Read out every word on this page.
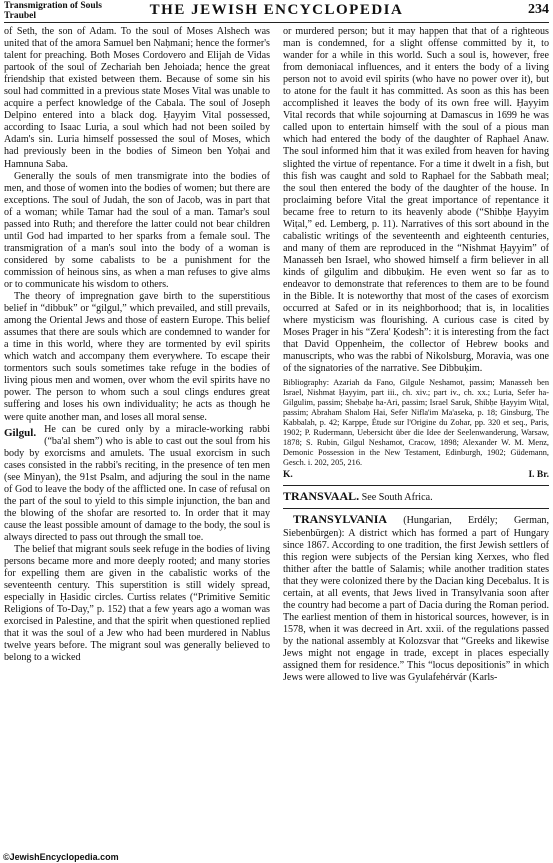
Transmigration of Souls
Traubel	THE JEWISH ENCYCLOPEDIA	234

of Seth, the son of Adam. To the soul of Moses Alshech was united that of the amora Samuel ben Naḥmani; hence the former's talent for preaching. Both Moses Cordovero and Elijah de Vidas partook of the soul of Zechariah ben Jehoiada; hence the great friendship that existed between them. Because of some sin his soul had committed in a previous state Moses Vital was unable to acquire a perfect knowledge of the Cabala. The soul of Joseph Delpino entered into a black dog. Ḥayyim Vital possessed, according to Isaac Luria, a soul which had not been soiled by Adam's sin. Luria himself possessed the soul of Moses, which had previously been in the bodies of Simeon ben Yoḥai and Hamnuna Saba.

Generally the souls of men transmigrate into the bodies of men, and those of women into the bodies of women; but there are exceptions. The soul of Judah, the son of Jacob, was in part that of a woman; while Tamar had the soul of a man. Tamar's soul passed into Ruth; and therefore the latter could not bear children until God had imparted to her sparks from a female soul. The transmigration of a man's soul into the body of a woman is considered by some cabalists to be a punishment for the commission of heinous sins, as when a man refuses to give alms or to communicate his wisdom to others.

The theory of impregnation gave birth to the superstitious belief in “dibbuk” or “gilgul,” which prevailed, and still prevails, among the Oriental Jews and those of eastern Europe. This belief assumes that there are souls which are condemned to wander for a time in this world, where they are tormented by evil spirits which watch and accompany them everywhere. To escape their tormentors such souls sometimes take refuge in the bodies of living pious men and women, over whom the evil spirits have no power. The person to whom such a soul clings endures great suffering and loses his own individuality; he acts as though he were quite another man, and loses all moral sense.

Gilgul. He can be cured only by a miracle-working rabbi (“ba'al shem”) who is able to cast out the soul from his body by exorcisms and amulets. The usual exorcism in such cases consisted in the rabbi's reciting, in the presence of ten men (see Minyan), the 91st Psalm, and adjuring the soul in the name of God to leave the body of the afflicted one. In case of refusal on the part of the soul to yield to this simple injunction, the ban and the blowing of the shofar are resorted to. In order that it may cause the least possible amount of damage to the body, the soul is always directed to pass out through the small toe.

The belief that migrant souls seek refuge in the bodies of living persons became more and more deeply rooted; and many stories for expelling them are given in the cabalistic works of the seventeenth century. This superstition is still widely spread, especially in Ḥasidic circles. Curtiss relates (“Primitive Semitic Religions of To-Day,” p. 152) that a few years ago a woman was exorcised in Palestine, and that the spirit when questioned replied that it was the soul of a Jew who had been murdered in Nablus twelve years before. The migrant soul was generally believed to belong to a wicked

or murdered person; but it may happen that that of a righteous man is condemned, for a slight offense committed by it, to wander for a while in this world. Such a soul is, however, free from demoniacal influences, and it enters the body of a living person not to avoid evil spirits (who have no power over it), but to atone for the fault it has committed. As soon as this has been accomplished it leaves the body of its own free will. Ḥayyim Vital records that while sojourning at Damascus in 1699 he was called upon to entertain himself with the soul of a pious man which had entered the body of the daughter of Raphael Anaw. The soul informed him that it was exiled from heaven for having slighted the virtue of repentance. For a time it dwelt in a fish, but this fish was caught and sold to Raphael for the Sabbath meal; the soul then entered the body of the daughter of the house. In proclaiming before Vital the great importance of repentance it became free to return to its heavenly abode (“Shibḥe Ḥayyim Wiṭal,” ed. Lemberg, p. 11). Narratives of this sort abound in the cabalistic writings of the seventeenth and eighteenth centuries, and many of them are reproduced in the “Nishmat Ḥayyim” of Manasseh ben Israel, who showed himself a firm believer in all kinds of gilgulim and dibbuḳim. He even went so far as to endeavor to demonstrate that references to them are to be found in the Bible. It is noteworthy that most of the cases of exorcism occurred at Safed or in its neighborhood; that is, in localities where mysticism was flourishing. A curious case is cited by Moses Prager in his “Zera' Ḳodesh”: it is interesting from the fact that David Oppenheim, the collector of Hebrew books and manuscripts, who was the rabbi of Nikolsburg, Moravia, was one of the signatories of the narrative. See Dibbuḳim.

Bibliography: Azariah da Fano, Gilgule Neshamot, passim; Manasseh ben Israel, Nishmat Ḥayyim, part iii., ch. xiv.; part iv., ch. xx.; Luria, Sefer ha-Gilgulim, passim; Shebaḥe ha-Ari, passim; Israel Saruk, Shibḥe Ḥayyim Wiṭal, passim; Abraham Shalom Hai, Sefer Nifla'im Ma'aseka, p. 18; Ginsburg, The Kabbalah, p. 42; Karppe, Étude sur l'Origine du Zohar, pp. 320 et seq., Paris, 1902; P. Rudermann, Uebersicht über die Idee der Seelenwanderung, Warsaw, 1878; S. Rubin, Gilgul Neshamot, Cracow, 1898; Alexander W. M. Menz, Demonic Possession in the New Testament, Edinburgh, 1902; Güdemann, Gesch. i. 202, 205, 216.

K.	I. Br.

TRANSVAAL. See South Africa.

TRANSYLVANIA (Hungarian, Erdély; German, Siebenbürgen): A district which has formed a part of Hungary since 1867. According to one tradition, the first Jewish settlers of this region were subjects of the Persian king Xerxes, who fled thither after the battle of Salamis; while another tradition states that they were colonized there by the Dacian king Decebalus. It is certain, at all events, that Jews lived in Transylvania soon after the country had become a part of Dacia during the Roman period. The earliest mention of them in historical sources, however, is in 1578, when it was decreed in Art. xxii. of the regulations passed by the national assembly at Kolozsvar that “Greeks and likewise Jews might not engage in trade, except in places especially assigned them for residence.” This “locus depositionis” in which Jews were allowed to live was Gyulafehérvár (Karls-

©JewishEncyclopedia.com
